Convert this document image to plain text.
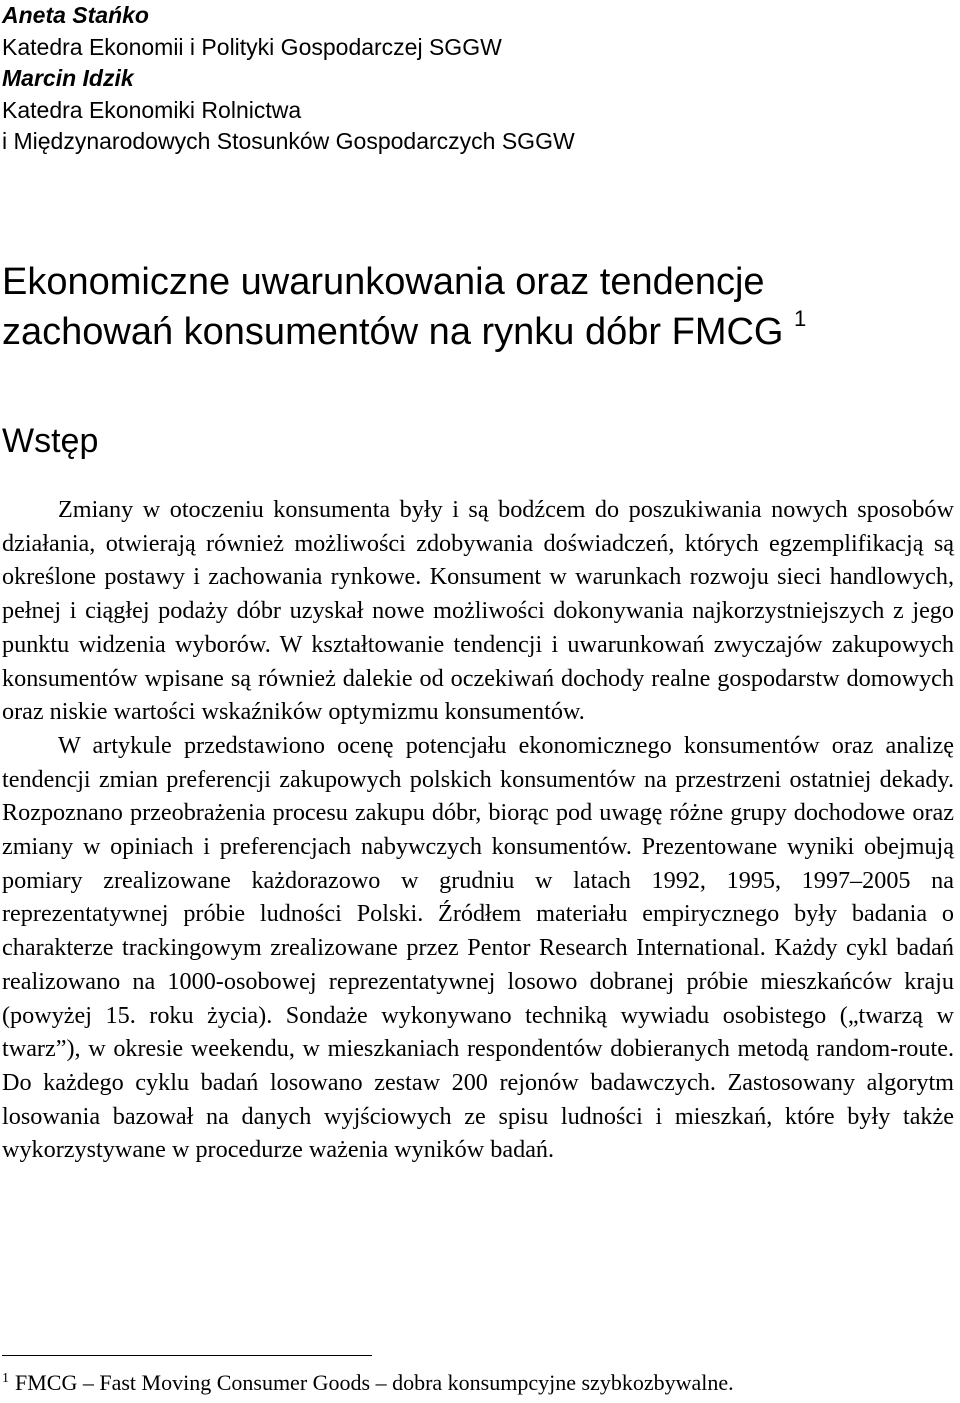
Aneta Stańko
Katedra Ekonomii i Polityki Gospodarczej SGGW
Marcin Idzik
Katedra Ekonomiki Rolnictwa
i Międzynarodowych Stosunków Gospodarczych SGGW
Ekonomiczne uwarunkowania oraz tendencje
zachowań konsumentów na rynku dóbr FMCG $^1$
Wstęp

Zmiany w otoczeniu konsumenta były i są bodźcem do poszukiwania nowych sposobów działania, otwierają również możliwości zdobywania doświadczeń, których egzemplifikacją są określone postawy i zachowania rynkowe. Konsument w warunkach rozwoju sieci handlowych, pełnej i ciągłej podaży dóbr uzyskał nowe możliwości dokonywania najkorzystniejszych z jego punktu widzenia wyborów. W kształtowanie tendencji i uwarunkowań zwyczajów zakupowych konsumentów wpisane są również dalekie od oczekiwań dochody realne gospodarstw domowych oraz niskie wartości wskaźników optymizmu konsumentów.

W artykule przedstawiono ocenę potencjału ekonomicznego konsumentów oraz analizę tendencji zmian preferencji zakupowych polskich konsumentów na przestrzeni ostatniej dekady. Rozpoznano przeobrażenia procesu zakupu dóbr, biorąc pod uwagę różne grupy dochodowe oraz zmiany w opiniach i preferencjach nabywczych konsumentów. Prezentowane wyniki obejmują pomiary zrealizowane każdorazowo w grudniu w latach 1992, 1995, 1997–2005 na reprezentatywnej próbie ludności Polski. Źródłem materiału empirycznego były badania o charakterze trackingowym zrealizowane przez Pentor Research International. Każdy cykl badań realizowano na 1000-osobowej reprezentatywnej losowo dobranej próbie mieszkańców kraju (powyżej 15. roku życia). Sondaże wykonywano techniką wywiadu osobistego („twarzą w twarz”), w okresie weekendu, w mieszkaniach respondentów dobieranych metodą random-route. Do każdego cyklu badań losowano zestaw 200 rejonów badawczych. Zastosowany algorytm losowania bazował na danych wyjściowych ze spisu ludności i mieszkań, które były także wykorzystywane w procedurze ważenia wyników badań.

$^1$ FMCG – Fast Moving Consumer Goods – dobra konsumpcyjne szybkozbywalne.
